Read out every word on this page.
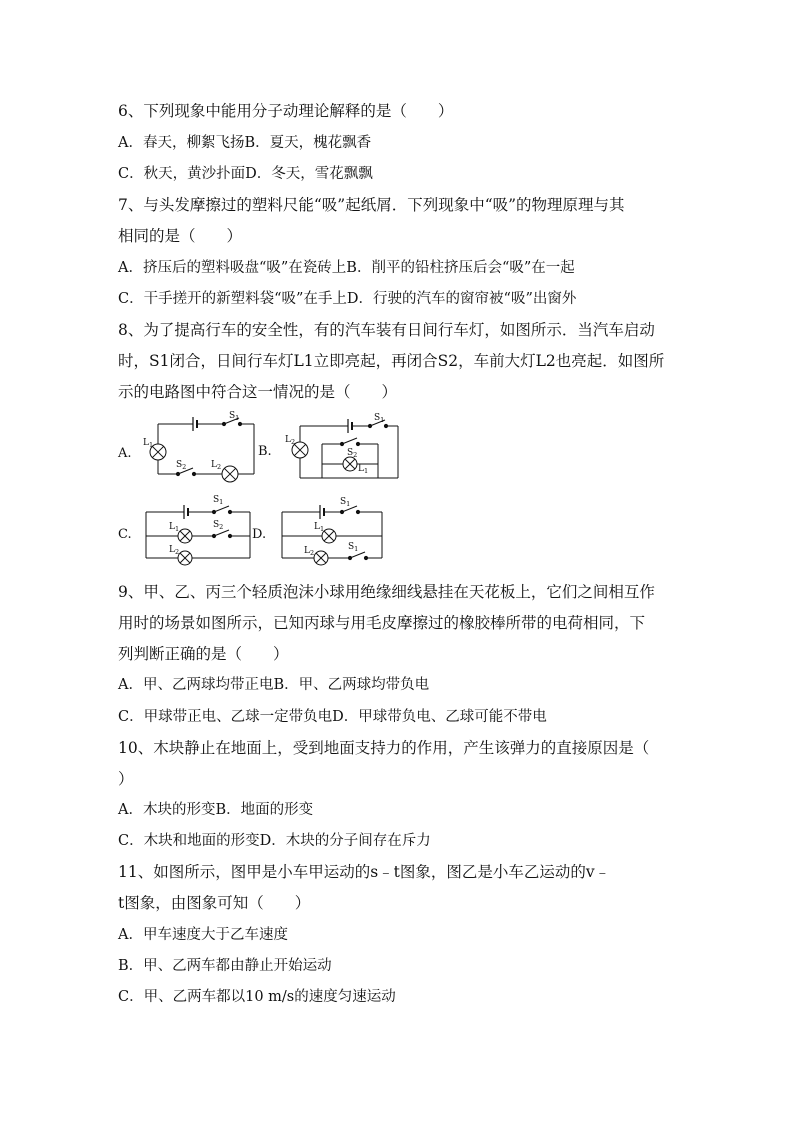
6、下列现象中能用分子动理论解释的是（　　）
A．春天，柳絮飞扬B．夏天，槐花飘香
C．秋天，黄沙扑面D．冬天，雪花飘飘
7、与头发摩擦过的塑料尺能“吸”起纸屑．下列现象中“吸”的物理原理与其
相同的是（　　）
A．挤压后的塑料吸盘“吸”在瓷砖上B．削平的铅柱挤压后会“吸”在一起
C．干手搓开的新塑料袋“吸”在手上D．行驶的汽车的窗帘被“吸”出窗外
8、为了提高行车的安全性，有的汽车装有日间行车灯，如图所示．当汽车启动
时，S1闭合，日间行车灯L1立即亮起，再闭合S2，车前大灯L2也亮起．如图所
示的电路图中符合这一情况的是（　　）
A.
$S_1$
$L_1$
$S_2$	$L_2$
B.
$S_1$
$L_2$
$S_2$
$L_1$
C.
$S_1$
$L_1$	$S_2$
$L_2$
D.
$S_1$
$L_1$
$L_2$
$S_1$
9、甲、乙、丙三个轻质泡沫小球用绝缘细线悬挂在天花板上，它们之间相互作
用时的场景如图所示，已知丙球与用毛皮摩擦过的橡胶棒所带的电荷相同，下
列判断正确的是（　　）
A．甲、乙两球均带正电B．甲、乙两球均带负电
C．甲球带正电、乙球一定带负电D．甲球带负电、乙球可能不带电
10、木块静止在地面上，受到地面支持力的作用，产生该弹力的直接原因是（
）
A．木块的形变B．地面的形变
C．木块和地面的形变D．木块的分子间存在斥力
11、如图所示，图甲是小车甲运动的s﹣t图象，图乙是小车乙运动的v﹣
t图象，由图象可知（　　）
A．甲车速度大于乙车速度
B．甲、乙两车都由静止开始运动
C．甲、乙两车都以10 m/s的速度匀速运动
